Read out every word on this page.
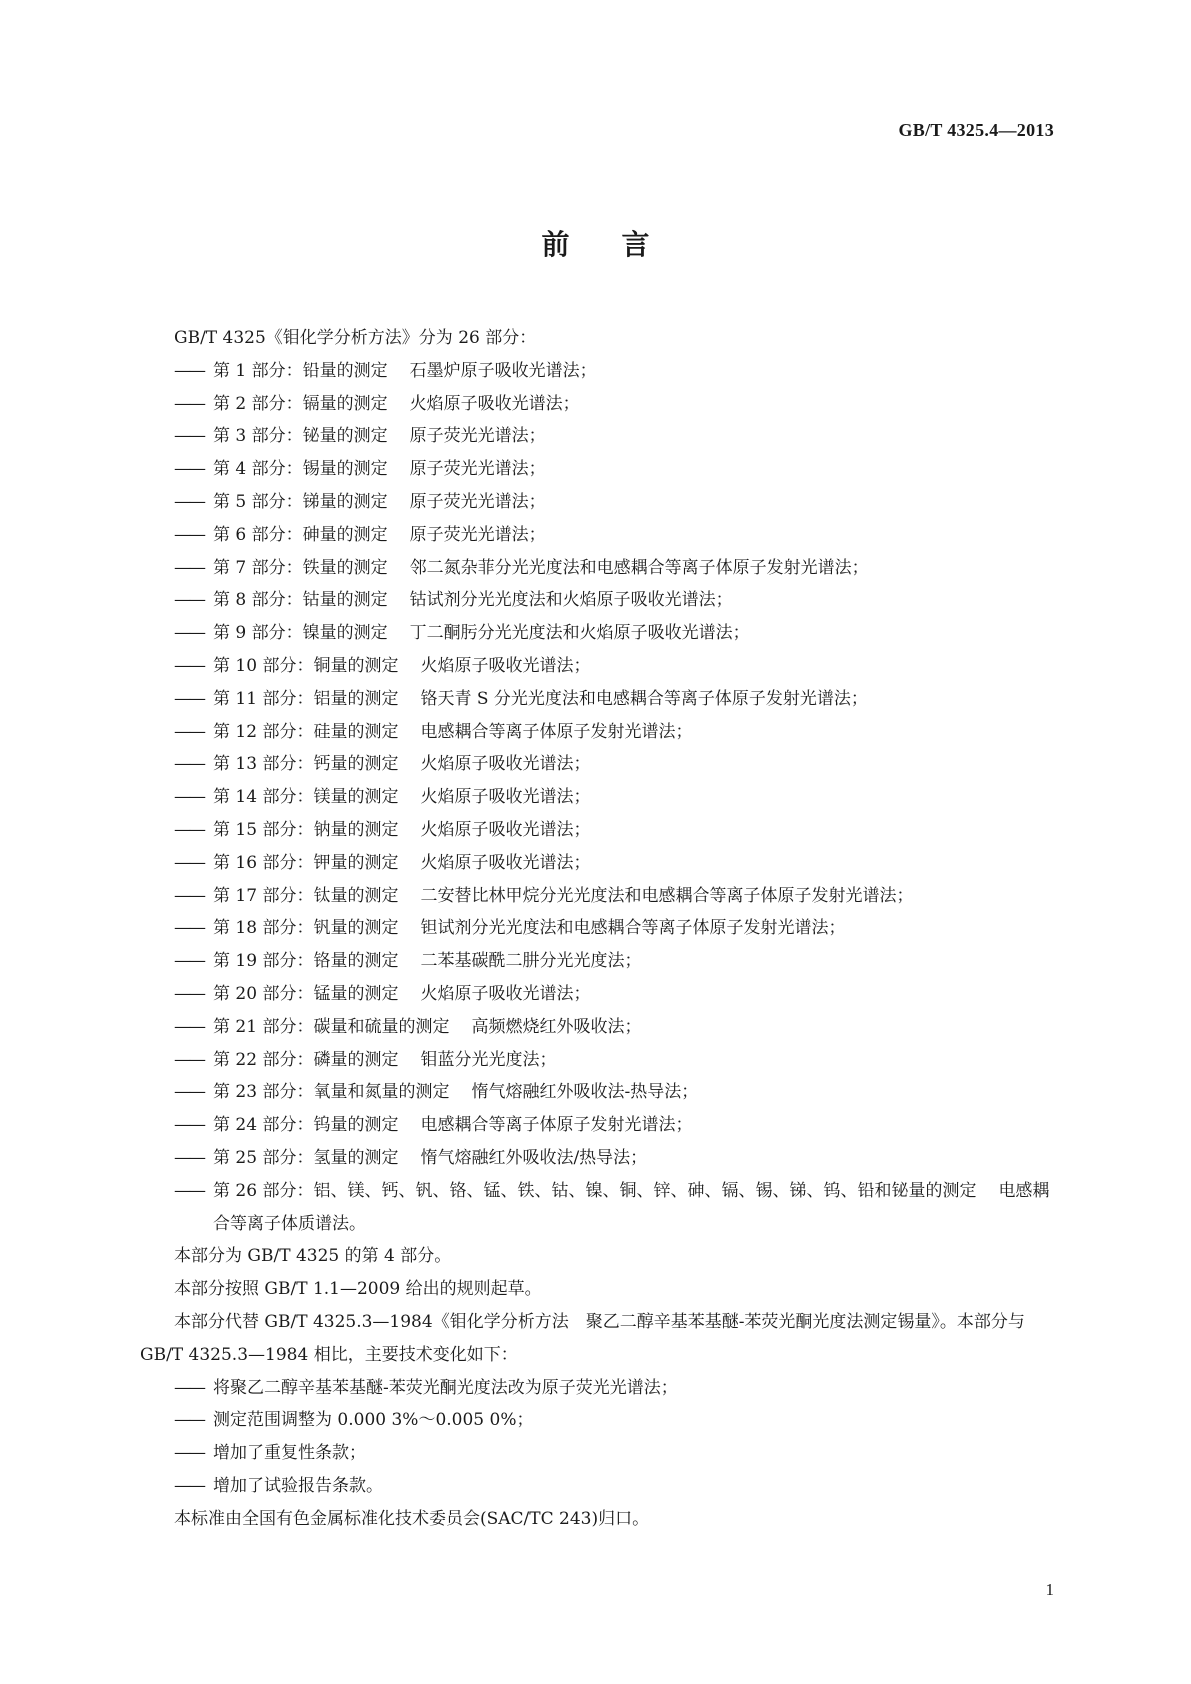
GB/T 4325.4—2013
前 言

GB/T 4325《钼化学分析方法》分为 26 部分：

—— 第 1 部分：铅量的测定 石墨炉原子吸收光谱法；

—— 第 2 部分：镉量的测定 火焰原子吸收光谱法；

—— 第 3 部分：铋量的测定 原子荧光光谱法；

—— 第 4 部分：锡量的测定 原子荧光光谱法；

—— 第 5 部分：锑量的测定 原子荧光光谱法；

—— 第 6 部分：砷量的测定 原子荧光光谱法；

—— 第 7 部分：铁量的测定 邻二氮杂菲分光光度法和电感耦合等离子体原子发射光谱法；

—— 第 8 部分：钴量的测定 钴试剂分光光度法和火焰原子吸收光谱法；

—— 第 9 部分：镍量的测定 丁二酮肟分光光度法和火焰原子吸收光谱法；

—— 第 10 部分：铜量的测定 火焰原子吸收光谱法；

—— 第 11 部分：铝量的测定 铬天青 S 分光光度法和电感耦合等离子体原子发射光谱法；

—— 第 12 部分：硅量的测定 电感耦合等离子体原子发射光谱法；

—— 第 13 部分：钙量的测定 火焰原子吸收光谱法；

—— 第 14 部分：镁量的测定 火焰原子吸收光谱法；

—— 第 15 部分：钠量的测定 火焰原子吸收光谱法；

—— 第 16 部分：钾量的测定 火焰原子吸收光谱法；

—— 第 17 部分：钛量的测定 二安替比林甲烷分光光度法和电感耦合等离子体原子发射光谱法；

—— 第 18 部分：钒量的测定 钽试剂分光光度法和电感耦合等离子体原子发射光谱法；

—— 第 19 部分：铬量的测定 二苯基碳酰二肼分光光度法；

—— 第 20 部分：锰量的测定 火焰原子吸收光谱法；

—— 第 21 部分：碳量和硫量的测定 高频燃烧红外吸收法；

—— 第 22 部分：磷量的测定 钼蓝分光光度法；

—— 第 23 部分：氧量和氮量的测定 惰气熔融红外吸收法-热导法；

—— 第 24 部分：钨量的测定 电感耦合等离子体原子发射光谱法；

—— 第 25 部分：氢量的测定 惰气熔融红外吸收法/热导法；

—— 第 26 部分：铝、镁、钙、钒、铬、锰、铁、钴、镍、铜、锌、砷、镉、锡、锑、钨、铅和铋量的测定 电感耦合等离子体质谱法。

本部分为 GB/T 4325 的第 4 部分。

本部分按照 GB/T 1.1—2009 给出的规则起草。

本部分代替 GB/T 4325.3—1984《钼化学分析方法　聚乙二醇辛基苯基醚-苯荧光酮光度法测定锡量》。本部分与 GB/T 4325.3—1984 相比，主要技术变化如下：

—— 将聚乙二醇辛基苯基醚-苯荧光酮光度法改为原子荧光光谱法；

—— 测定范围调整为 0.000 3%～0.005 0%；

—— 增加了重复性条款；

—— 增加了试验报告条款。

本标准由全国有色金属标准化技术委员会(SAC/TC 243)归口。

1
